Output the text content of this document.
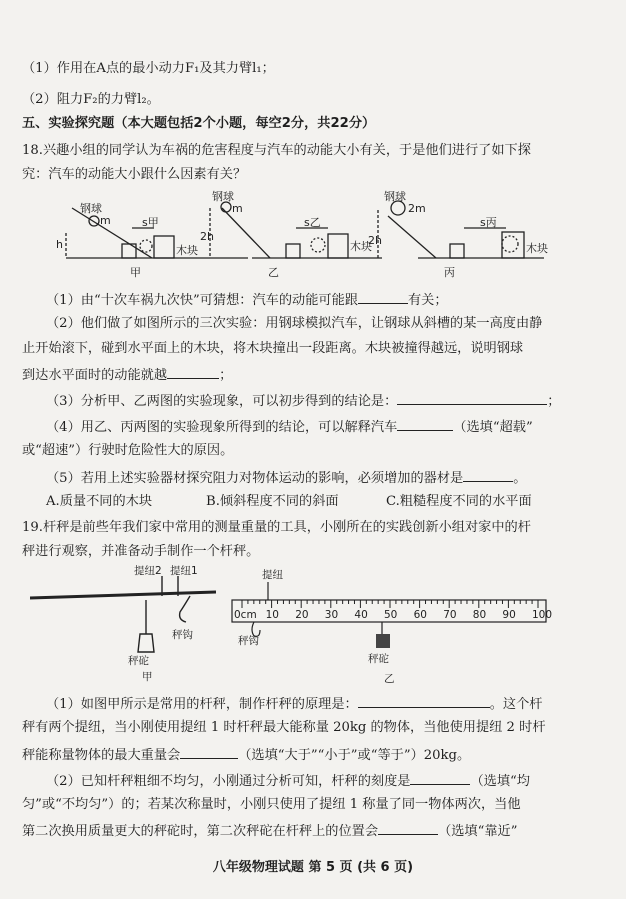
（1）作用在A点的最小动力F₁及其力臂l₁；
（2）阻力F₂的力臂l₂。
五、实验探究题（本大题包括2个小题，每空2分，共22分）
18.兴趣小组的同学认为车祸的危害程度与汽车的动能大小有关，于是他们进行了如下探
究：汽车的动能大小跟什么因素有关？
钢球
m
h
s甲
木块
甲
钢球
m
2h
s乙
木块
乙
钢球
2m
2h
s丙
木块
丙
（1）由“十次车祸九次快”可猜想：汽车的动能可能跟	有关；
（2）他们做了如图所示的三次实验：用钢球模拟汽车，让钢球从斜槽的某一高度由静
止开始滚下，碰到水平面上的木块，将木块撞出一段距离。木块被撞得越远，说明钢球
到达水平面时的动能就越	；
（3）分析甲、乙两图的实验现象，可以初步得到的结论是：	；
（4）用乙、丙两图的实验现象所得到的结论，可以解释汽车	（选填“超载”
或“超速”）行驶时危险性大的原因。
（5）若用上述实验器材探究阻力对物体运动的影响，必须增加的器材是	。
A.质量不同的木块	B.倾斜程度不同的斜面	C.粗糙程度不同的水平面
19.杆秤是前些年我们家中常用的测量重量的工具，小刚所在的实践创新小组对家中的杆
秤进行观察，并准备动手制作一个杆秤。
提纽2 提纽1
秤钩
秤砣
甲
0cm 10 20 30 40 50 60 70 80 90 100
提纽
秤钩
秤砣
乙
（1）如图甲所示是常用的杆秤，制作杆秤的原理是：	。这个杆
秤有两个提纽，当小刚使用提纽 1 时杆秤最大能称量 20kg 的物体，当他使用提纽 2 时杆
秤能称量物体的最大重量会	（选填“大于”“小于”或“等于”）20kg。
（2）已知杆秤粗细不均匀，小刚通过分析可知，杆秤的刻度是	（选填“均
匀”或“不均匀”）的；若某次称量时，小刚只使用了提纽 1 称量了同一物体两次，当他
第二次换用质量更大的秤砣时，第二次秤砣在杆秤上的位置会	（选填“靠近”
八年级物理试题 第 5 页 (共 6 页)
